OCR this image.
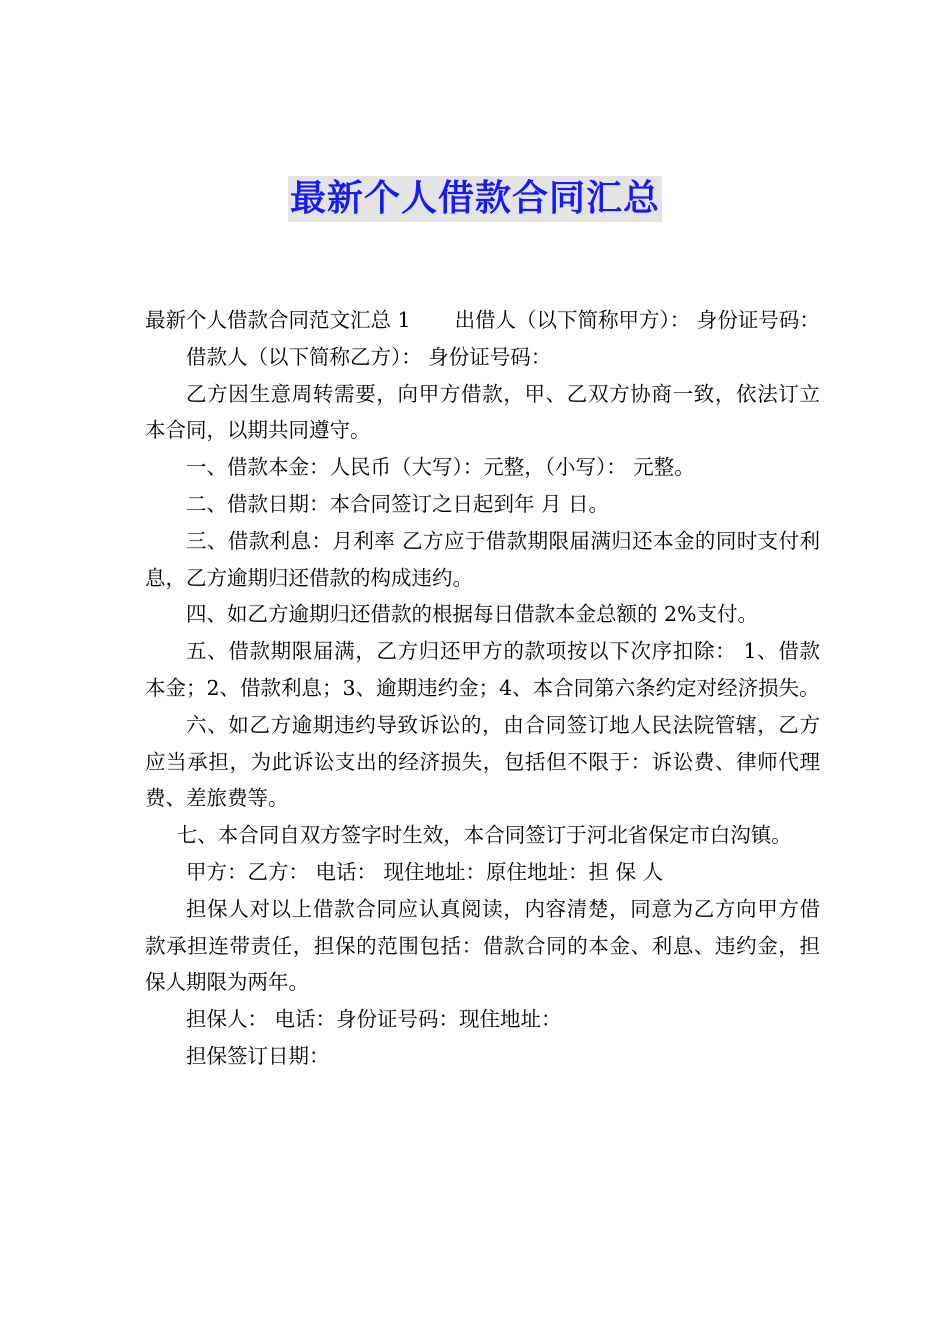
最新个人借款合同汇总

最新个人借款合同范文汇总 1 出借人（以下简称甲方）： 身份证号码：

借款人（以下简称乙方）： 身份证号码：

乙方因生意周转需要，向甲方借款，甲、乙双方协商一致，依法订立本合同，以期共同遵守。

一、借款本金：人民币（大写）：元整，（小写）： 元整。

二、借款日期：本合同签订之日起到年 月 日。

三、借款利息：月利率 乙方应于借款期限届满归还本金的同时支付利息，乙方逾期归还借款的构成违约。

四、如乙方逾期归还借款的根据每日借款本金总额的 2%支付。

五、借款期限届满，乙方归还甲方的款项按以下次序扣除： 1、借款本金；2、借款利息；3、逾期违约金；4、本合同第六条约定对经济损失。

六、如乙方逾期违约导致诉讼的，由合同签订地人民法院管辖，乙方应当承担，为此诉讼支出的经济损失，包括但不限于：诉讼费、律师代理费、差旅费等。

七、本合同自双方签字时生效，本合同签订于河北省保定市白沟镇。

甲方：乙方： 电话： 现住地址：原住地址：担 保 人

担保人对以上借款合同应认真阅读，内容清楚，同意为乙方向甲方借款承担连带责任，担保的范围包括：借款合同的本金、利息、违约金，担保人期限为两年。

担保人： 电话：身份证号码：现住地址：

担保签订日期：
